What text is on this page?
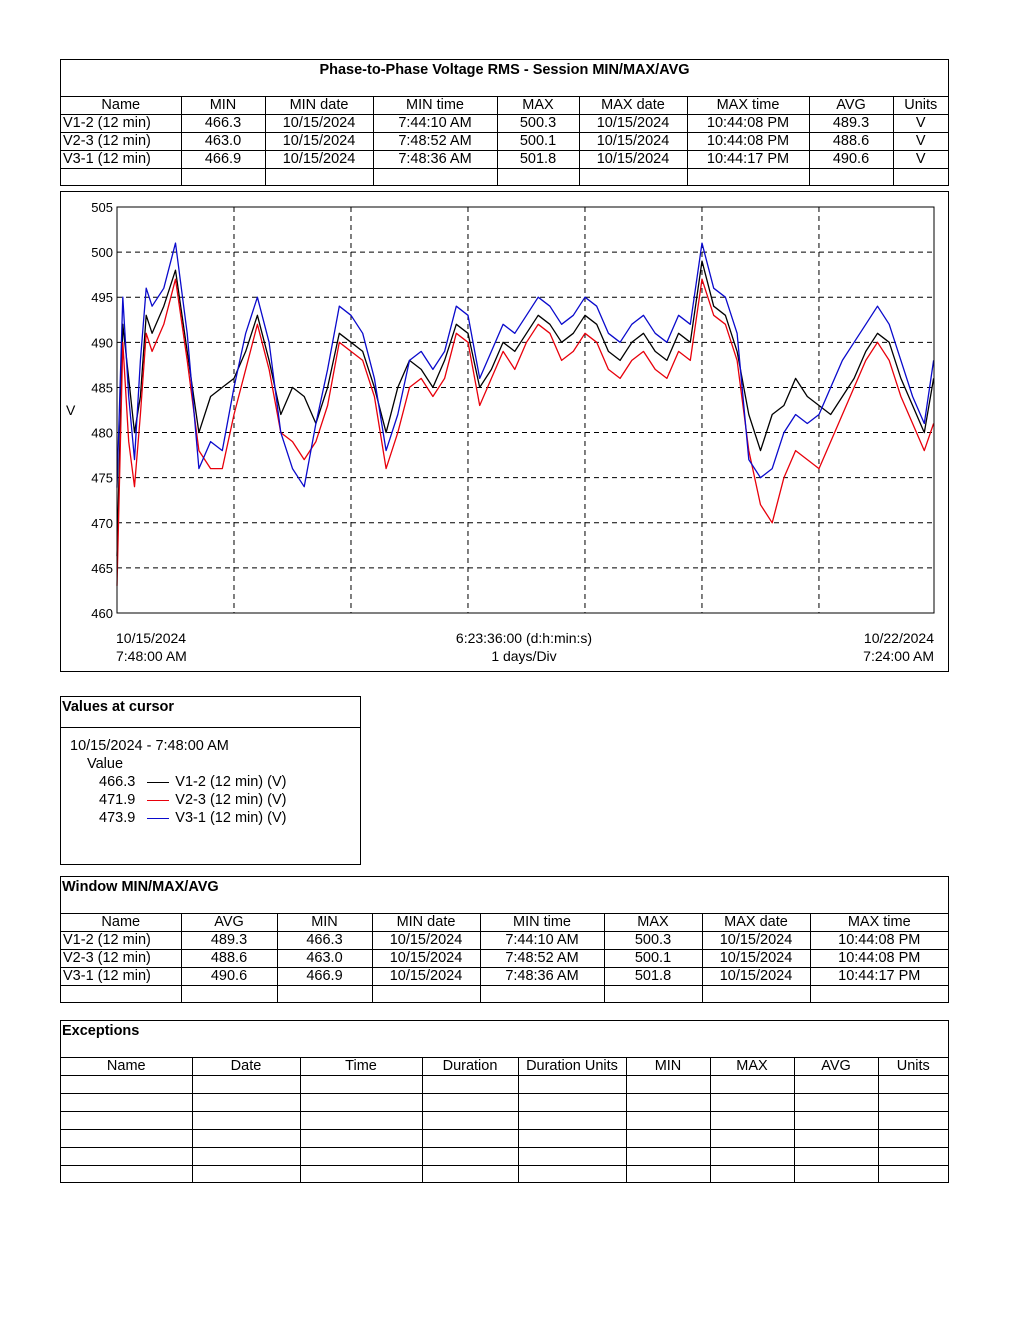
Phase-to-Phase Voltage RMS - Session MIN/MAX/AVG
Name	MIN	MIN date	MIN time	MAX	MAX date	MAX time	AVG	Units
V1-2 (12 min)	466.3	10/15/2024	7:44:10 AM	500.3	10/15/2024	10:44:08 PM	489.3	V
V2-3 (12 min)	463.0	10/15/2024	7:48:52 AM	500.1	10/15/2024	10:44:08 PM	488.6	V
V3-1 (12 min)	466.9	10/15/2024	7:48:36 AM	501.8	10/15/2024	10:44:17 PM	490.6	V

460
465
470
475
480
485
490
495
500
505
V
10/15/2024
7:48:00 AM
6:23:36:00 (d:h:min:s)
1 days/Div
10/22/2024
7:24:00 AM
Values at cursor
10/15/2024 - 7:48:00 AM
Value
466.3	V1-2 (12 min) (V)
471.9	V2-3 (12 min) (V)
473.9	V3-1 (12 min) (V)
Window MIN/MAX/AVG
Name	AVG	MIN	MIN date	MIN time	MAX	MAX date	MAX time
V1-2 (12 min)	489.3	466.3	10/15/2024	7:44:10 AM	500.3	10/15/2024	10:44:08 PM
V2-3 (12 min)	488.6	463.0	10/15/2024	7:48:52 AM	500.1	10/15/2024	10:44:08 PM
V3-1 (12 min)	490.6	466.9	10/15/2024	7:48:36 AM	501.8	10/15/2024	10:44:17 PM

Exceptions
Name	Date	Time	Duration	Duration Units	MIN	MAX	AVG	Units
